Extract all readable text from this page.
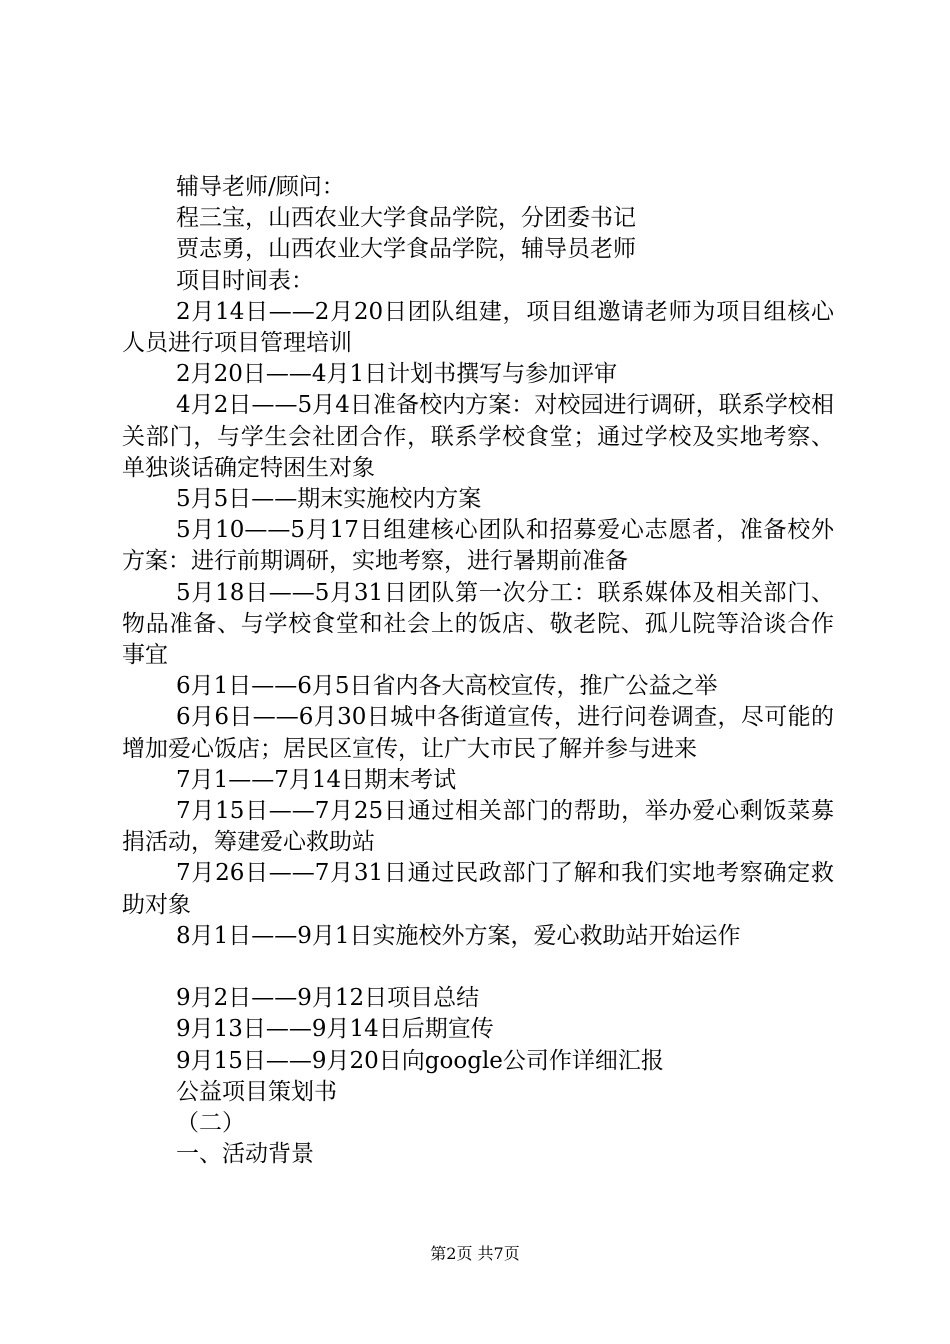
辅导老师/顾问：

程三宝，山西农业大学食品学院，分团委书记

贾志勇，山西农业大学食品学院，辅导员老师

项目时间表：

2月14日——2月20日团队组建，项目组邀请老师为项目组核心人员进行项目管理培训

2月20日——4月1日计划书撰写与参加评审

4月2日——5月4日准备校内方案：对校园进行调研，联系学校相关部门，与学生会社团合作，联系学校食堂；通过学校及实地考察、单独谈话确定特困生对象

5月5日——期末实施校内方案

5月10——5月17日组建核心团队和招募爱心志愿者，准备校外方案：进行前期调研，实地考察，进行暑期前准备

5月18日——5月31日团队第一次分工：联系媒体及相关部门、物品准备、与学校食堂和社会上的饭店、敬老院、孤儿院等洽谈合作事宜

6月1日——6月5日省内各大高校宣传，推广公益之举

6月6日——6月30日城中各街道宣传，进行问卷调查，尽可能的增加爱心饭店；居民区宣传，让广大市民了解并参与进来

7月1——7月14日期末考试

7月15日——7月25日通过相关部门的帮助，举办爱心剩饭菜募捐活动，筹建爱心救助站

7月26日——7月31日通过民政部门了解和我们实地考察确定救助对象

8月1日——9月1日实施校外方案，爱心救助站开始运作

9月2日——9月12日项目总结

9月13日——9月14日后期宣传

9月15日——9月20日向google公司作详细汇报

公益项目策划书

（二）

一、活动背景

第2页 共7页
